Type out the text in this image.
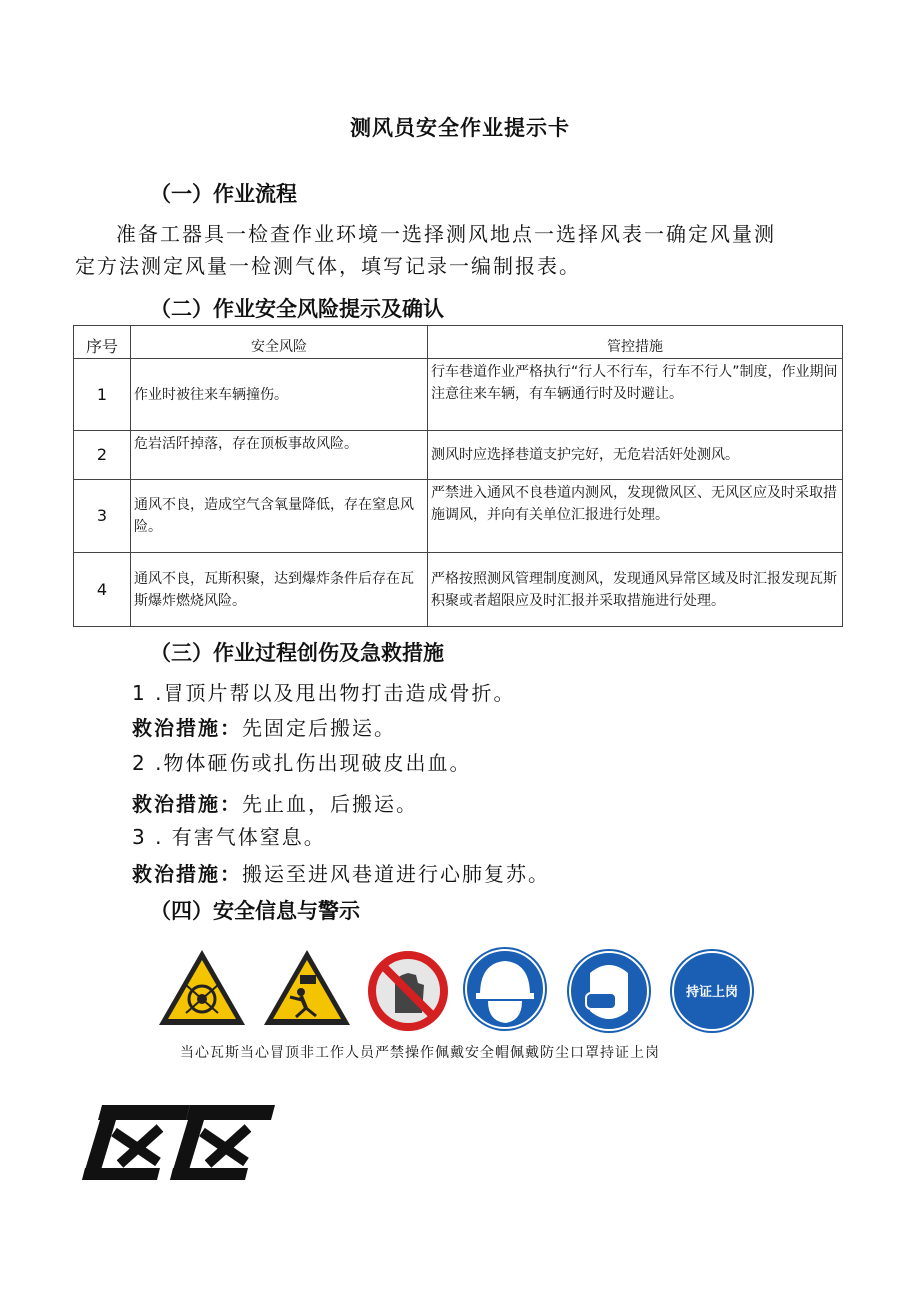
测风员安全作业提示卡
（一）作业流程
准备工器具一检查作业环境一选择测风地点一选择风表一确定风量测
定方法测定风量一检测气体，填写记录一编制报表。
（二）作业安全风险提示及确认
序号	安全风险	管控措施
1	作业时被往来车辆撞伤。	行车巷道作业严格执行“行人不行车，行车不行人”制度，作业期间注意往来车辆，有车辆通行时及时避让。
2	危岩活阡掉落，存在顶板事故风险。	测风时应选择巷道支护完好，无危岩活奸处测风。
3	通风不良，造成空气含氧量降低，存在窒息风险。	严禁进入通风不良巷道内测风，发现微风区、无风区应及时采取措施调风，并向有关单位汇报进行处理。
4	通风不良，瓦斯积聚，达到爆炸条件后存在瓦斯爆炸燃烧风险。	严格按照测风管理制度测风，发现通风异常区域及时汇报发现瓦斯积聚或者超限应及时汇报并采取措施进行处理。
（三）作业过程创伤及急救措施
1 .冒顶片帮以及甩出物打击造成骨折。
救治措施：先固定后搬运。
2 .物体砸伤或扎伤出现破皮出血。
救治措施：先止血，后搬运。
3 . 有害气体窒息。
救治措施：搬运至进风巷道进行心肺复苏。
（四）安全信息与警示
持证上岗
当心瓦斯当心冒顶非工作人员严禁操作佩戴安全帽佩戴防尘口罩持证上岗
